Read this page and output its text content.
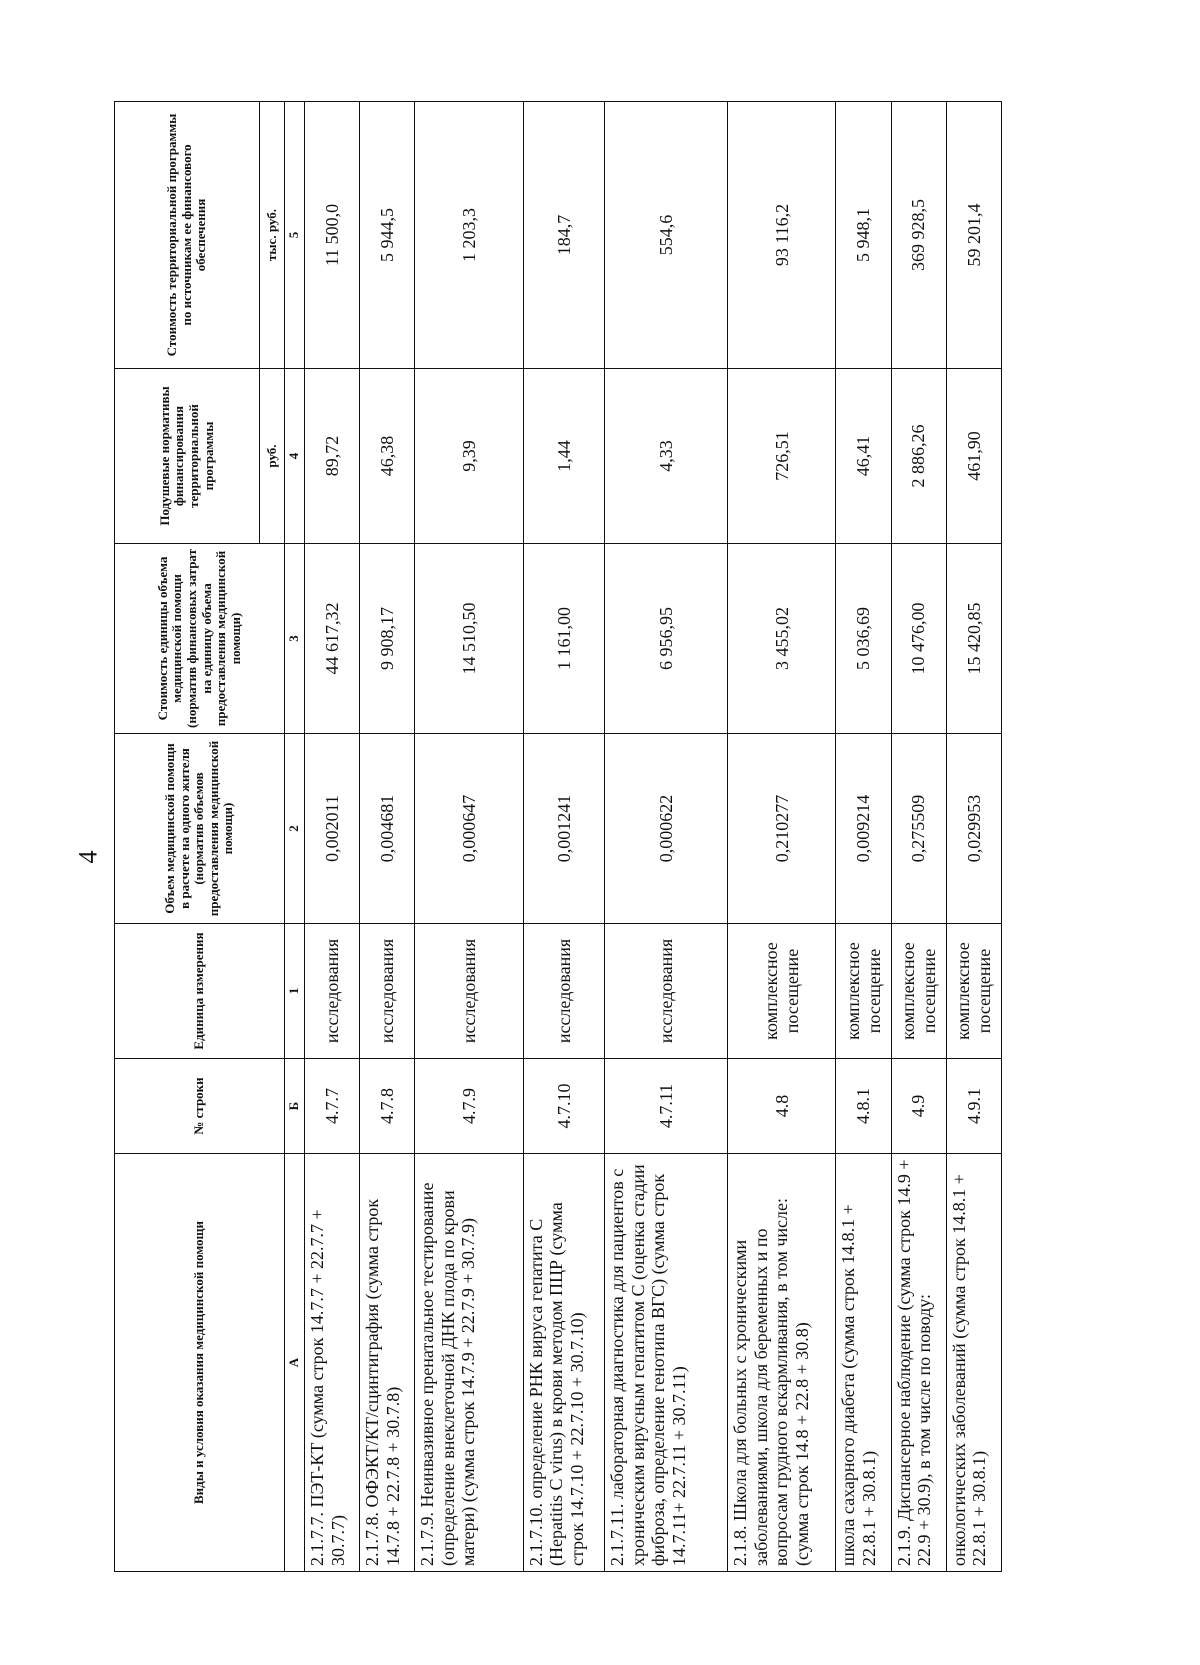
4
Виды и условия оказания медицинской помощи	№ строки	Единица измерения	Объем медицинской помощи в расчете на одного жителя (норматив объемов предоставления медицинской помощи)	Стоимость единицы объема медицинской помощи (норматив финансовых затрат на единицу объема предоставления медицинской помощи)	Подушевые нормативы финансирования территориальной программы	Стоимость территориальной программы по источникам ее финансового обеспечения
					руб.	тыс. руб.
А	Б	1	2	3	4	5
2.1.7.7. ПЭТ-КТ (сумма строк 14.7.7 + 22.7.7 + 30.7.7)	4.7.7	исследования	0,002011	44 617,32	89,72	11 500,0
2.1.7.8. ОФЭКТ/КТ/сцинтиграфия (сумма строк 14.7.8 + 22.7.8 + 30.7.8)	4.7.8	исследования	0,004681	9 908,17	46,38	5 944,5
2.1.7.9. Неинвазивное пренатальное тестирование (определение внеклеточной ДНК плода по крови матери) (сумма строк 14.7.9 + 22.7.9 + 30.7.9)	4.7.9	исследования	0,000647	14 510,50	9,39	1 203,3
2.1.7.10. определение РНК вируса гепатита С (Hepatitis C virus) в крови методом ПЦР (сумма строк 14.7.10 + 22.7.10 + 30.7.10)	4.7.10	исследования	0,001241	1 161,00	1,44	184,7
2.1.7.11. лабораторная диагностика для пациентов с хроническим вирусным гепатитом С (оценка стадии фиброза, определение генотипа ВГС) (сумма строк 14.7.11+ 22.7.11 + 30.7.11)	4.7.11	исследования	0,000622	6 956,95	4,33	554,6
2.1.8. Школа для больных с хроническими заболеваниями, школа для беременных и по вопросам грудного вскармливания, в том числе: (сумма строк 14.8 + 22.8 + 30.8)	4.8	комплексное посещение	0,210277	3 455,02	726,51	93 116,2
школа сахарного диабета (сумма строк 14.8.1 + 22.8.1 + 30.8.1)	4.8.1	комплексное посещение	0,009214	5 036,69	46,41	5 948,1
2.1.9. Диспансерное наблюдение (сумма строк 14.9 + 22.9 + 30.9), в том числе по поводу:	4.9	комплексное посещение	0,275509	10 476,00	2 886,26	369 928,5
онкологических заболеваний (сумма строк 14.8.1 + 22.8.1 + 30.8.1)	4.9.1	комплексное посещение	0,029953	15 420,85	461,90	59 201,4
